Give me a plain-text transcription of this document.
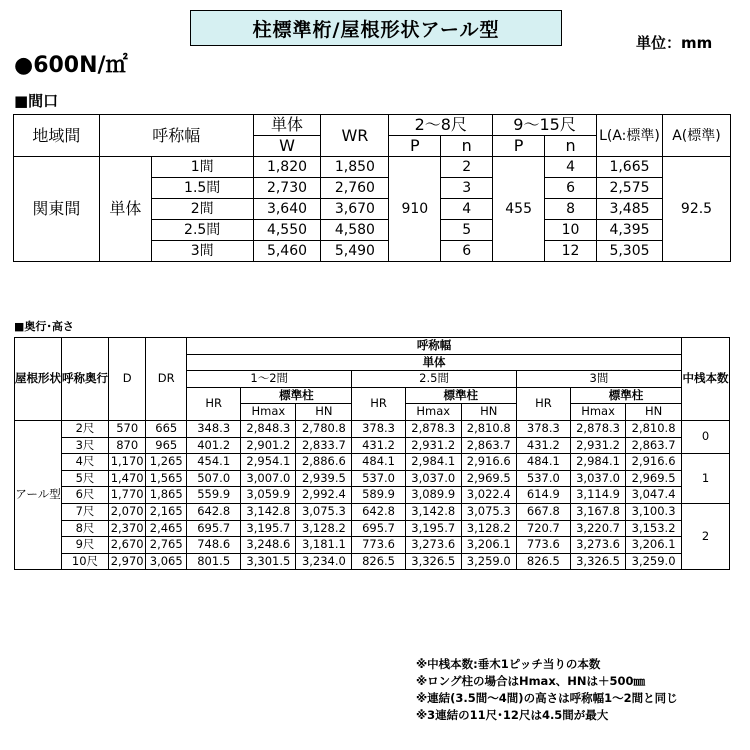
柱標準桁/屋根形状アール型
単位：mm
●600N/㎡
■間口
地域間	呼称幅		単体	WR	2〜8尺		9〜15尺		L(A:標準)	A(標準)
			W		P	n	P	n		
関東間	単体	1間	1,820	1,850	910	2	455	4	1,665	92.5
		1.5間	2,730	2,760		3		6	2,575	
		2間	3,640	3,670		4		8	3,485	
		2.5間	4,550	4,580		5		10	4,395	
		3間	5,460	5,490		6		12	5,305	
■奥行･高さ
屋根形状	呼称奥行	D	DR	呼称幅									中桟本数
				単体									
				1〜2間			2.5間			3間			
				HR	標準柱		HR	標準柱		HR	標準柱		
					Hmax	HN		Hmax	HN		Hmax	HN	
アール型	2尺	570	665	348.3	2,848.3	2,780.8	378.3	2,878.3	2,810.8	378.3	2,878.3	2,810.8	0
	3尺	870	965	401.2	2,901.2	2,833.7	431.2	2,931.2	2,863.7	431.2	2,931.2	2,863.7	
	4尺	1,170	1,265	454.1	2,954.1	2,886.6	484.1	2,984.1	2,916.6	484.1	2,984.1	2,916.6	1
	5尺	1,470	1,565	507.0	3,007.0	2,939.5	537.0	3,037.0	2,969.5	537.0	3,037.0	2,969.5	
	6尺	1,770	1,865	559.9	3,059.9	2,992.4	589.9	3,089.9	3,022.4	614.9	3,114.9	3,047.4	
	7尺	2,070	2,165	642.8	3,142.8	3,075.3	642.8	3,142.8	3,075.3	667.8	3,167.8	3,100.3	2
	8尺	2,370	2,465	695.7	3,195.7	3,128.2	695.7	3,195.7	3,128.2	720.7	3,220.7	3,153.2	
	9尺	2,670	2,765	748.6	3,248.6	3,181.1	773.6	3,273.6	3,206.1	773.6	3,273.6	3,206.1	
	10尺	2,970	3,065	801.5	3,301.5	3,234.0	826.5	3,326.5	3,259.0	826.5	3,326.5	3,259.0	
※中桟本数:垂木1ピッチ当りの本数
※ロング柱の場合はHmax、HNは＋500㎜
※連結(3.5間〜4間)の高さは呼称幅1〜2間と同じ
※3連結の11尺･12尺は4.5間が最大
